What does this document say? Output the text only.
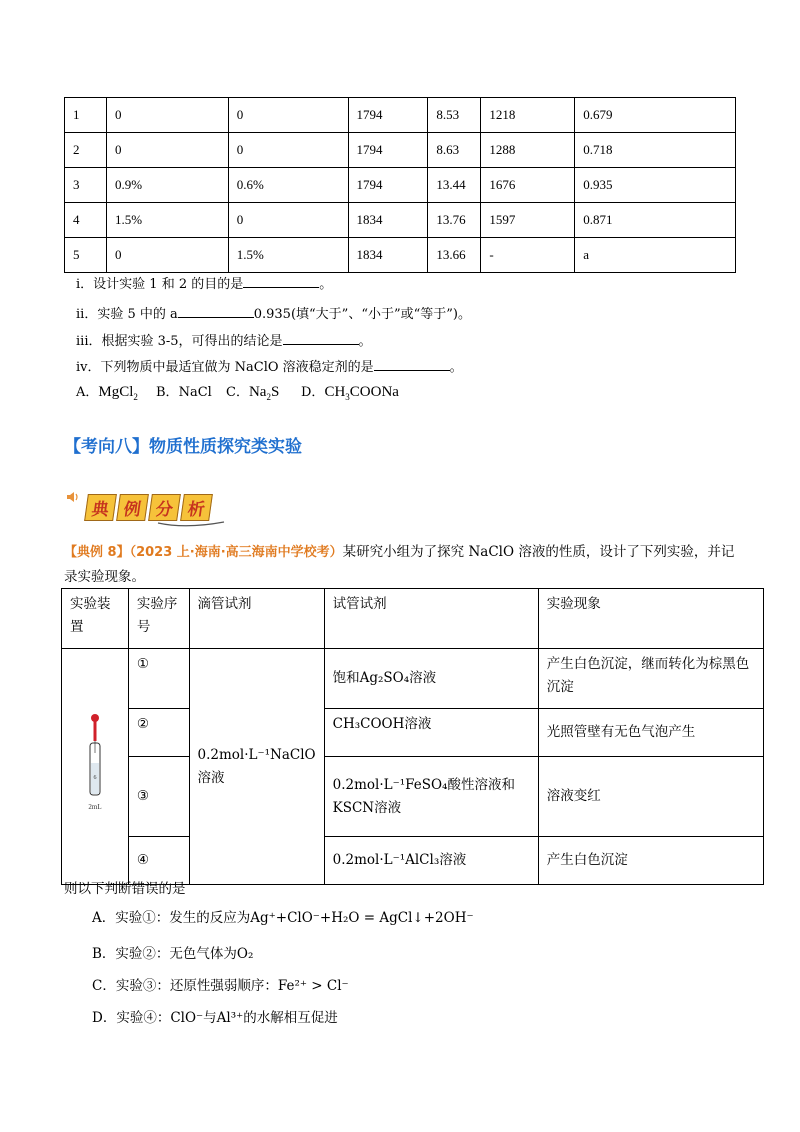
1	0	0	1794	8.53	1218	0.679
2	0	0	1794	8.63	1288	0.718
3	0.9%	0.6%	1794	13.44	1676	0.935
4	1.5%	0	1834	13.76	1597	0.871
5	0	1.5%	1834	13.66	-	a
i．设计实验 1 和 2 的目的是	。
ii．实验 5 中的 a	0.935(填“大于”、“小于”或“等于”)。
iii．根据实验 3-5，可得出的结论是	。
iv．下列物质中最适宜做为 NaClO 溶液稳定剂的是	。
A．MgCl$_2$ B．NaCl C．$Na_2S$ D．$CH_3COONa$
【考向八】物质性质探究类实验
典 例 分 析
【典例 8】（2023 上·海南·高三海南中学校考）某研究小组为了探究 NaClO 溶液的性质，设计了下列实验，并记录实验现象。
实验装置	实验序号	滴管试剂	试管试剂	实验现象

6
2mL	①	0.2mol·L⁻¹NaClO溶液	饱和Ag₂SO₄溶液	产生白色沉淀，继而转化为棕黑色沉淀
	②		CH₃COOH溶液	光照管壁有无色气泡产生
	③		0.2mol·L⁻¹FeSO₄酸性溶液和KSCN溶液	溶液变红
	④		0.2mol·L⁻¹AlCl₃溶液	产生白色沉淀
则以下判断错误的是
A．实验①：发生的反应为Ag⁺+ClO⁻+H₂O = AgCl↓+2OH⁻
B．实验②：无色气体为O₂
C．实验③：还原性强弱顺序：Fe²⁺ > Cl⁻
D．实验④：ClO⁻与Al³⁺的水解相互促进
